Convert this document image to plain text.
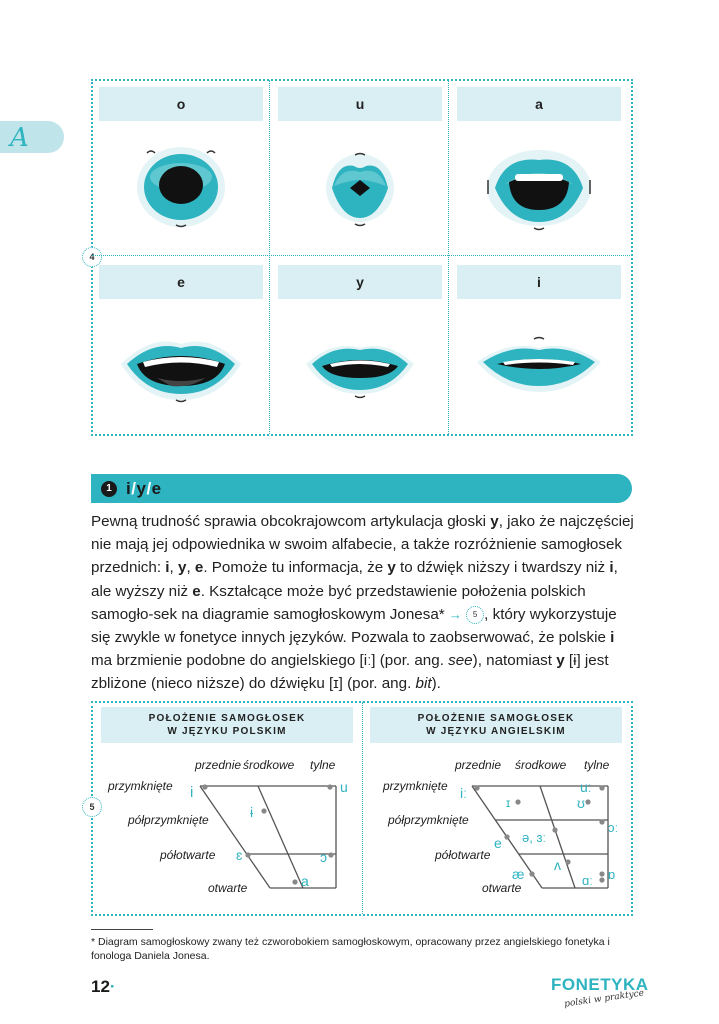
A
4
o	u	a
e	y	i
1 i/y/e
Pewną trudność sprawia obcokrajowcom artykulacja głoski y, jako że najczęściej nie mają jej odpowiednika w swoim alfabecie, a także rozróżnienie samogłosek przednich: i, y, e. Pomoże tu informacja, że y to dźwięk niższy i twardszy niż i, ale wyższy niż e. Kształcące może być przedstawienie położenia polskich samogło-sek na diagramie samogłoskowym Jonesa* → 5 , który wykorzystuje się zwykle w fonetyce innych języków. Pozwala to zaobserwować, że polskie i ma brzmienie podobne do angielskiego [iː] (por. ang. see), natomiast y [ɨ] jest zbliżone (nieco niższe) do dźwięku [ɪ] (por. ang. bit).
5
POŁOŻENIE SAMOGŁOSEK
W JĘZYKU POLSKIM
POŁOŻENIE SAMOGŁOSEK
W JĘZYKU ANGIELSKIM
przednie środkowe tylne
przymknięte
półprzymknięte
półotwarte
otwarte
i
ɨ
u
ɛ	ɔ
a
przednie środkowe tylne
przymknięte
półprzymknięte
półotwarte
otwarte
iː	uː
ɪ	ʊ
ɔː
ə, ɜː
e
ʌ
æ	ɑː ɒ
* Diagram samogłoskowy zwany też czworobokiem samogłoskowym, opracowany przez angielskiego fonetyka i fonologa Daniela Jonesa.
12·	FONETYKA
polski w praktyce
